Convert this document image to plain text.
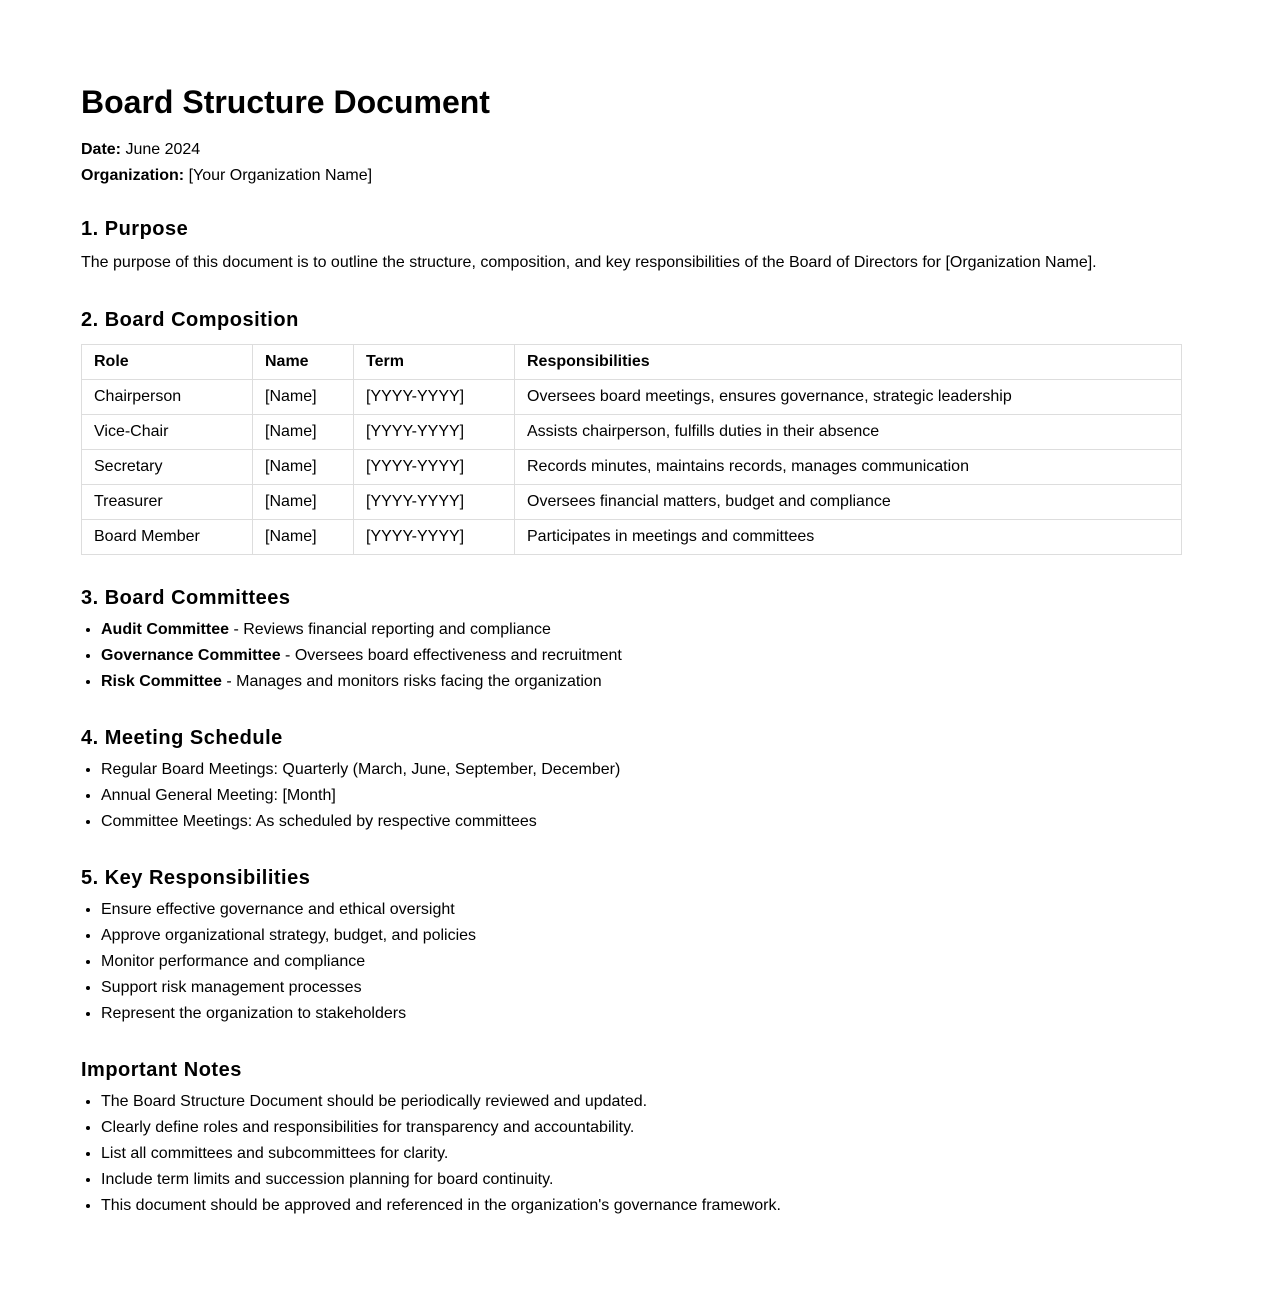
Board Structure Document
Date: June 2024
Organization: [Your Organization Name]
1. Purpose
The purpose of this document is to outline the structure, composition, and key responsibilities of the Board of Directors for [Organization Name].
2. Board Composition
Role	Name	Term	Responsibilities
Chairperson	[Name]	[YYYY-YYYY]	Oversees board meetings, ensures governance, strategic leadership
Vice-Chair	[Name]	[YYYY-YYYY]	Assists chairperson, fulfills duties in their absence
Secretary	[Name]	[YYYY-YYYY]	Records minutes, maintains records, manages communication
Treasurer	[Name]	[YYYY-YYYY]	Oversees financial matters, budget and compliance
Board Member	[Name]	[YYYY-YYYY]	Participates in meetings and committees
3. Board Committees
• Audit Committee - Reviews financial reporting and compliance
• Governance Committee - Oversees board effectiveness and recruitment
• Risk Committee - Manages and monitors risks facing the organization
4. Meeting Schedule
• Regular Board Meetings: Quarterly (March, June, September, December)
• Annual General Meeting: [Month]
• Committee Meetings: As scheduled by respective committees
5. Key Responsibilities
• Ensure effective governance and ethical oversight
• Approve organizational strategy, budget, and policies
• Monitor performance and compliance
• Support risk management processes
• Represent the organization to stakeholders
Important Notes
• The Board Structure Document should be periodically reviewed and updated.
• Clearly define roles and responsibilities for transparency and accountability.
• List all committees and subcommittees for clarity.
• Include term limits and succession planning for board continuity.
• This document should be approved and referenced in the organization's governance framework.
